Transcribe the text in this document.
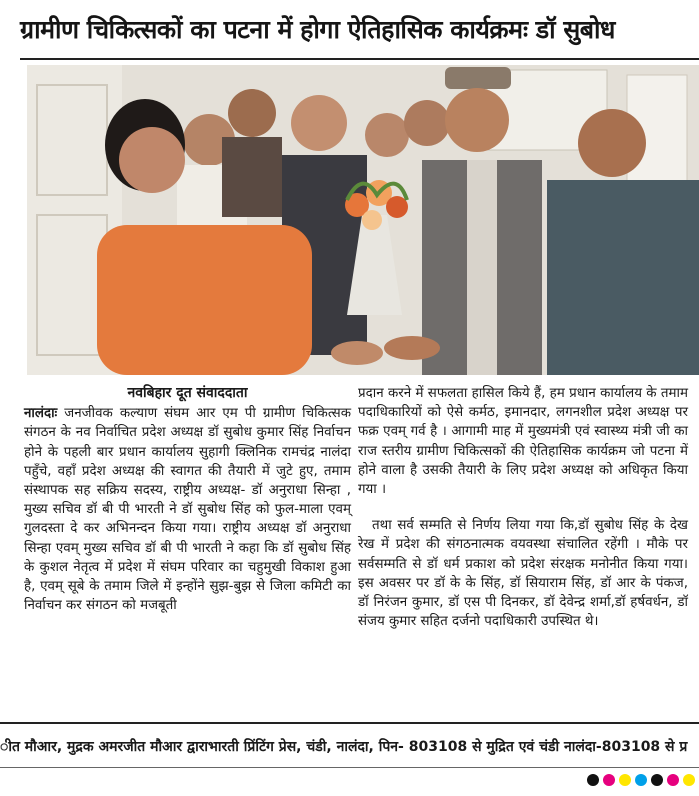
ग्रामीण चिकित्सकों का पटना में होगा ऐतिहासिक कार्यक्रमः डॉ सुबोध
नवबिहार दूत संवाददाता

नालंदाः जनजीवक कल्याण संघम आर एम पी ग्रामीण चिकित्सक संगठन के नव निर्वाचित प्रदेश अध्यक्ष डॉ सुबोध कुमार सिंह निर्वाचन होने के पहली बार प्रधान कार्यालय सुहागी क्लिनिक रामचंद्र नालंदा पहुँचे, वहाँ प्रदेश अध्यक्ष की स्वागत की तैयारी में जुटे हुए, तमाम संस्थापक सह सक्रिय सदस्य, राष्ट्रीय अध्यक्ष- डॉ अनुराधा सिन्हा , मुख्य सचिव डॉ बी पी भारती ने डॉ सुबोध सिंह को फुल-माला एवम् गुलदस्ता दे कर अभिनन्दन किया गया। राष्ट्रीय अध्यक्ष डॉ अनुराधा सिन्हा एवम् मुख्य सचिव डॉ बी पी भारती ने कहा कि डॉ सुबोध सिंह के कुशल नेतृत्व में प्रदेश में संघम परिवार का चहुमुखी विकाश हुआ है, एवम् सूबे के तमाम जिले में इन्होंने सुझ-बुझ से जिला कमिटी का निर्वाचन कर संगठन को मजबूती

प्रदान करने में सफलता हासिल किये हैं, हम प्रधान कार्यालय के तमाम पदाधिकारियों को ऐसे कर्मठ, इमानदार, लगनशील प्रदेश अध्यक्ष पर फक्र एवम् गर्व है । आगामी माह में मुख्यमंत्री एवं स्वास्थ्य मंत्री जी का राज स्तरीय ग्रामीण चिकित्सकों की ऐतिहासिक कार्यक्रम जो पटना में होने वाला है उसकी तैयारी के लिए प्रदेश अध्यक्ष को अधिकृत किया गया ।

तथा सर्व सम्मति से निर्णय लिया गया कि,डॉ सुबोध सिंह के देख रेख में प्रदेश की संगठनात्मक वयवस्था संचालित रहेंगी । मौके पर सर्वसम्मति से डॉ धर्म प्रकाश को प्रदेश संरक्षक मनोनीत किया गया। इस अवसर पर डॉ के के सिंह, डॉ सियाराम सिंह, डॉ आर के पंकज, डॉ निरंजन कुमार, डॉ एस पी दिनकर, डॉ देवेन्द्र शर्मा,डॉ हर्षवर्धन, डॉ संजय कुमार सहित दर्जनो पदाधिकारी उपस्थित थे।

ीत मौआर, मुद्रक अमरजीत मौआर द्वाराभारती प्रिंटिंग प्रेस, चंडी, नालंदा, पिन- 803108 से मुद्रित एवं चंडी नालंदा-803108 से प्र
